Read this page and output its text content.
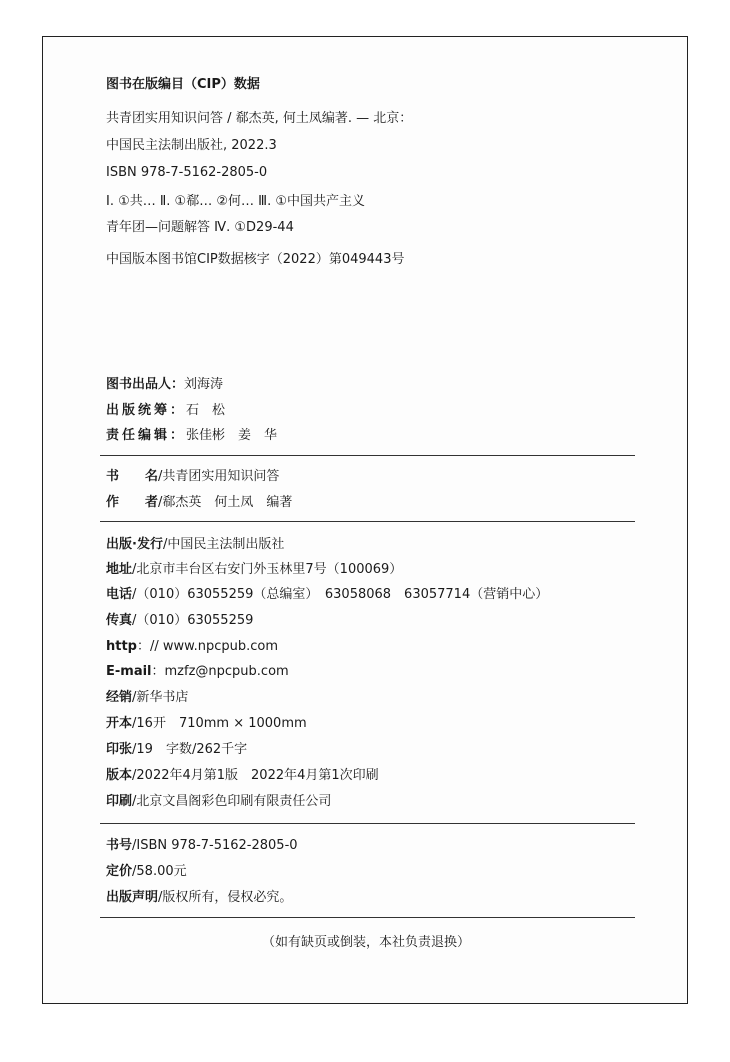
图书在版编目（CIP）数据
共青团实用知识问答 / 郗杰英, 何土凤编著. — 北京：
中国民主法制出版社, 2022.3
ISBN 978-7-5162-2805-0
Ⅰ. ①共… Ⅱ. ①郗… ②何… Ⅲ. ①中国共产主义
青年团—问题解答 Ⅳ. ①D29-44
中国版本图书馆CIP数据核字（2022）第049443号
图书出品人：刘海涛
出版统筹：石　松
责任编辑：张佳彬　姜　华
书　　名/共青团实用知识问答
作　　者/郗杰英　何土凤　编著
出版·发行/中国民主法制出版社
地址/北京市丰台区右安门外玉林里7号（100069）
电话/（010）63055259（总编室）　63058068　63057714（营销中心）
传真/（010）63055259
http：// www.npcpub.com
E-mail：mzfz@npcpub.com
经销/新华书店
开本/16开　710mm × 1000mm
印张/19　字数/262千字
版本/2022年4月第1版　2022年4月第1次印刷
印刷/北京文昌阁彩色印刷有限责任公司
书号/ISBN 978-7-5162-2805-0
定价/58.00元
出版声明/版权所有，侵权必究。
（如有缺页或倒装，本社负责退换）
